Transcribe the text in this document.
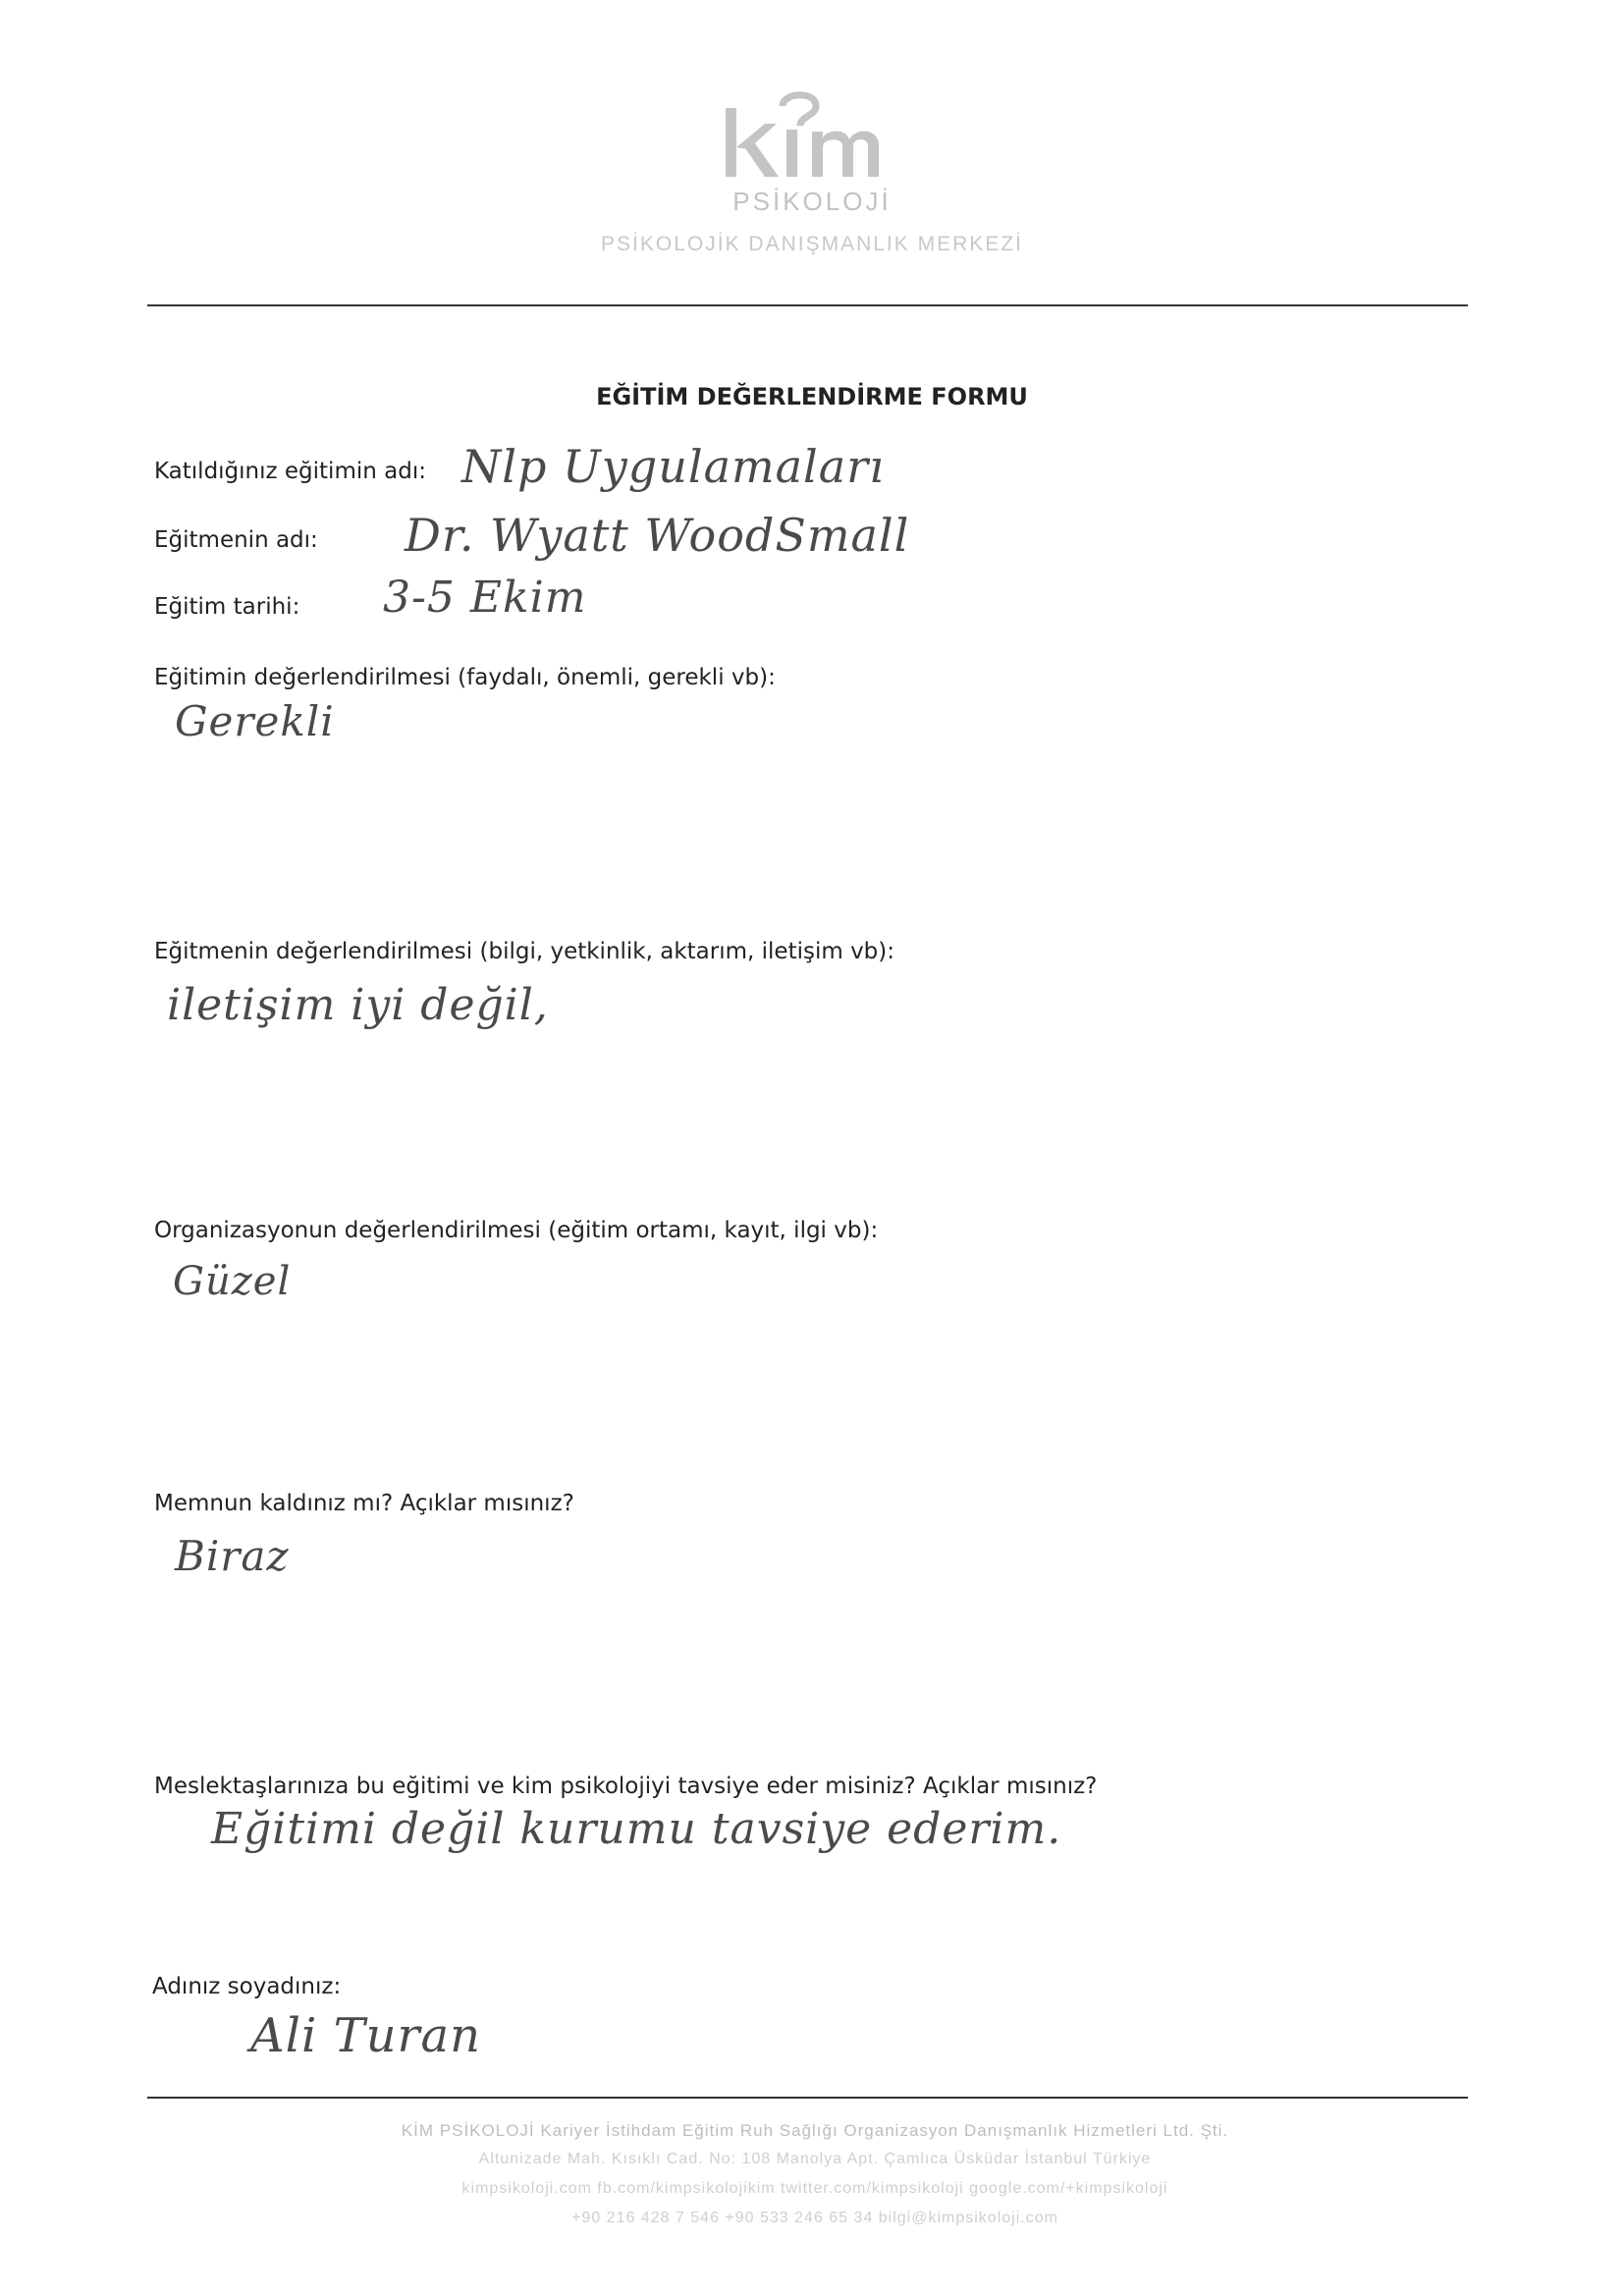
PSİKOLOJİ
PSİKOLOJİK DANIŞMANLIK MERKEZİ
EĞİTİM DEĞERLENDİRME FORMU
Katıldığınız eğitimin adı: Nlp Uygulamaları
Eğitmenin adı: Dr. Wyatt WoodSmall
Eğitim tarihi: 3-5 Ekim
Eğitimin değerlendirilmesi (faydalı, önemli, gerekli vb):
Gerekli
Eğitmenin değerlendirilmesi (bilgi, yetkinlik, aktarım, iletişim vb):
iletişim iyi değil,
Organizasyonun değerlendirilmesi (eğitim ortamı, kayıt, ilgi vb):
Güzel
Memnun kaldınız mı? Açıklar mısınız?
Biraz
Meslektaşlarınıza bu eğitimi ve kim psikolojiyi tavsiye eder misiniz? Açıklar mısınız?
Eğitimi değil kurumu tavsiye ederim.
Adınız soyadınız:
Ali Turan
KİM PSİKOLOJİ Kariyer İstihdam Eğitim Ruh Sağlığı Organizasyon Danışmanlık Hizmetleri Ltd. Şti.
Altunizade Mah. Kısıklı Cad. No: 108 Manolya Apt. Çamlıca Üsküdar İstanbul Türkiye
kimpsikoloji.com fb.com/kimpsikolojikim twitter.com/kimpsikoloji google.com/+kimpsikoloji
+90 216 428 7 546 +90 533 246 65 34 bilgi@kimpsikoloji.com
